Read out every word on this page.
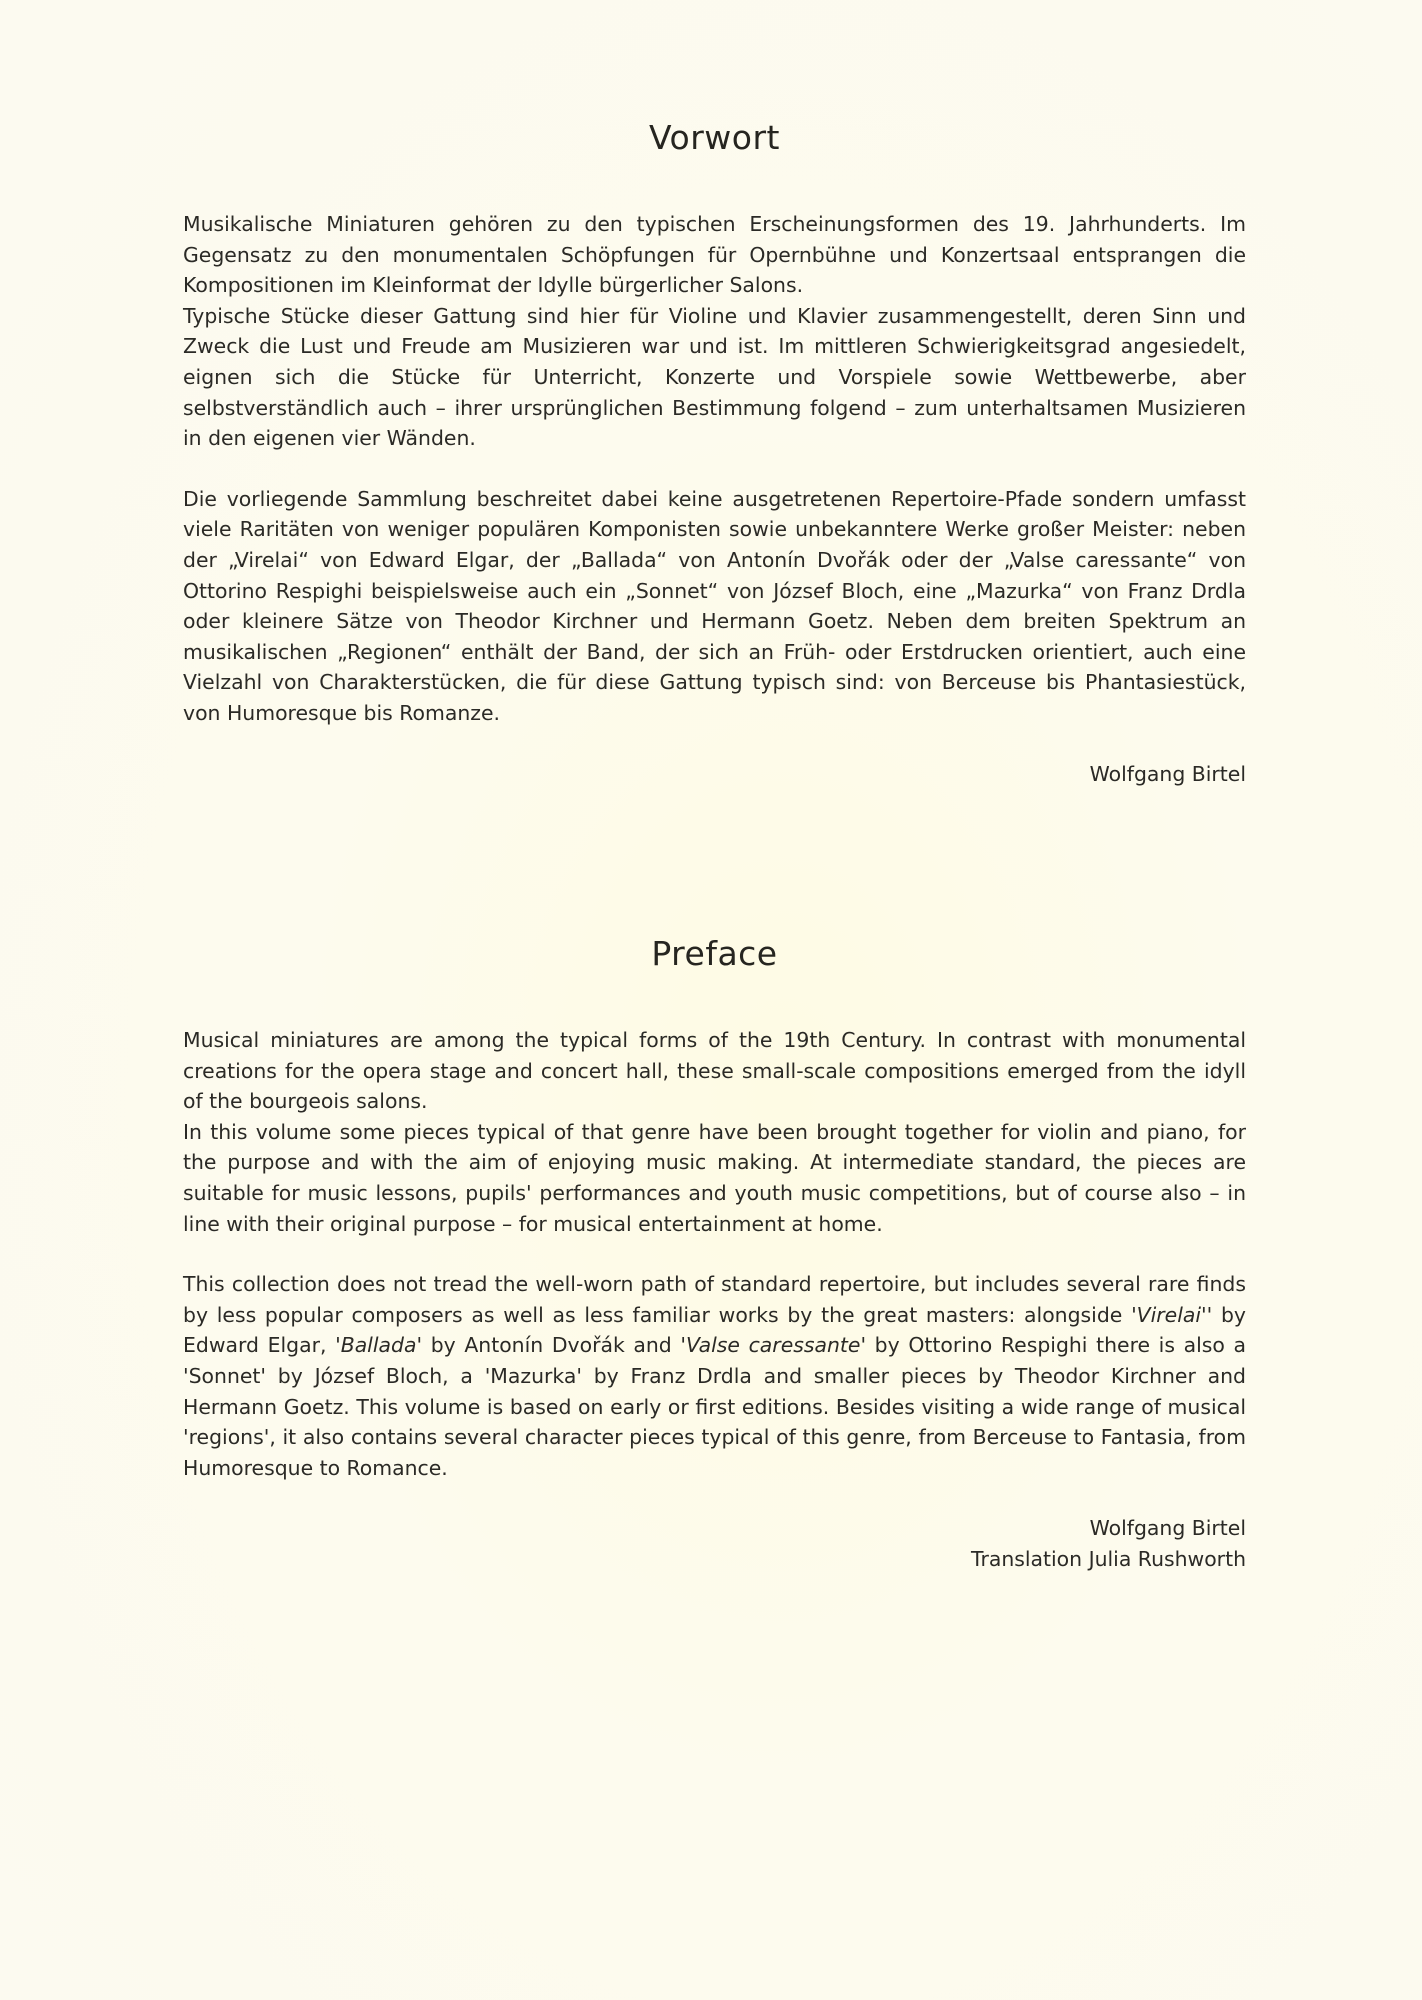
Vorwort

Musikalische Miniaturen gehören zu den typischen Erscheinungsformen des 19. Jahrhunderts. Im Gegensatz zu den monumentalen Schöpfungen für Opernbühne und Konzertsaal entsprangen die Kompositionen im Kleinformat der Idylle bürgerlicher Salons.

Typische Stücke dieser Gattung sind hier für Violine und Klavier zusammengestellt, deren Sinn und Zweck die Lust und Freude am Musizieren war und ist. Im mittleren Schwierigkeitsgrad angesiedelt, eignen sich die Stücke für Unterricht, Konzerte und Vorspiele sowie Wettbewerbe, aber selbstverständlich auch – ihrer ursprünglichen Bestimmung folgend – zum unterhaltsamen Musizieren in den eigenen vier Wänden.

Die vorliegende Sammlung beschreitet dabei keine ausgetretenen Repertoire-Pfade sondern umfasst viele Raritäten von weniger populären Komponisten sowie unbekanntere Werke großer Meister: neben der „Virelai“ von Edward Elgar, der „Ballada“ von Antonín Dvořák oder der „Valse caressante“ von Ottorino Respighi beispielsweise auch ein „Sonnet“ von József Bloch, eine „Mazurka“ von Franz Drdla oder kleinere Sätze von Theodor Kirchner und Hermann Goetz. Neben dem breiten Spektrum an musikalischen „Regionen“ enthält der Band, der sich an Früh- oder Erstdrucken orientiert, auch eine Vielzahl von Charakterstücken, die für diese Gattung typisch sind: von Berceuse bis Phantasiestück, von Humoresque bis Romanze.

Wolfgang Birtel

Preface

Musical miniatures are among the typical forms of the 19th Century. In contrast with monumental creations for the opera stage and concert hall, these small-scale compositions emerged from the idyll of the bourgeois salons.

In this volume some pieces typical of that genre have been brought together for violin and piano, for the purpose and with the aim of enjoying music making. At intermediate standard, the pieces are suitable for music lessons, pupils' performances and youth music competitions, but of course also – in line with their original purpose – for musical entertainment at home.

This collection does not tread the well-worn path of standard repertoire, but includes several rare finds by less popular composers as well as less familiar works by the great masters: alongside 'Virelai'' by Edward Elgar, 'Ballada' by Antonín Dvořák and 'Valse caressante' by Ottorino Respighi there is also a 'Sonnet' by József Bloch, a 'Mazurka' by Franz Drdla and smaller pieces by Theodor Kirchner and Hermann Goetz. This volume is based on early or first editions. Besides visiting a wide range of musical 'regions', it also contains several character pieces typical of this genre, from Berceuse to Fantasia, from Humoresque to Romance.

Wolfgang Birtel

Translation Julia Rushworth
